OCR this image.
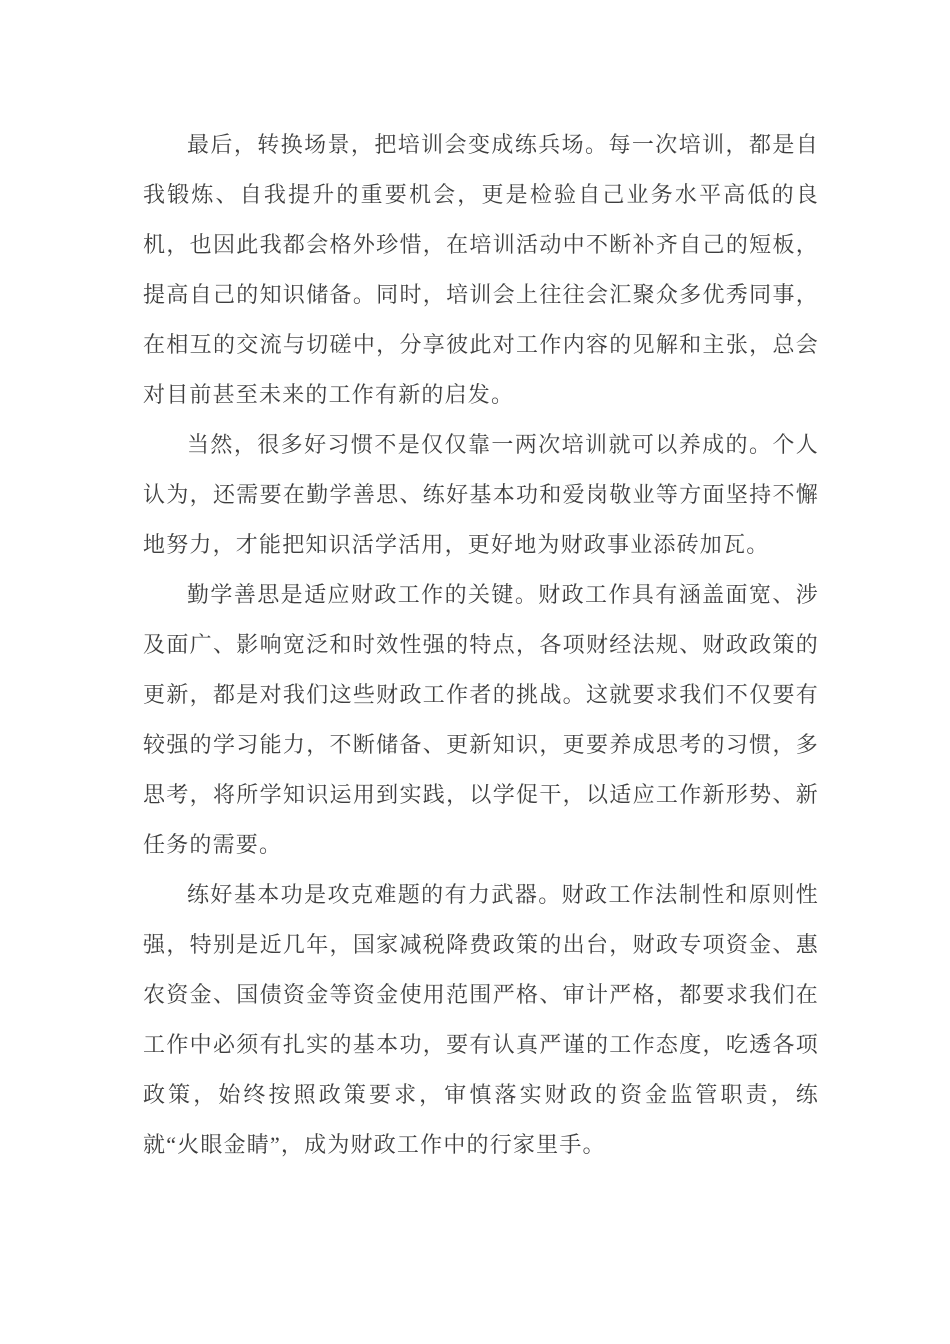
最后，转换场景，把培训会变成练兵场。每一次培训，都是自我锻炼、自我提升的重要机会，更是检验自己业务水平高低的良机，也因此我都会格外珍惜，在培训活动中不断补齐自己的短板，提高自己的知识储备。同时，培训会上往往会汇聚众多优秀同事，在相互的交流与切磋中，分享彼此对工作内容的见解和主张，总会对目前甚至未来的工作有新的启发。

当然，很多好习惯不是仅仅靠一两次培训就可以养成的。个人认为，还需要在勤学善思、练好基本功和爱岗敬业等方面坚持不懈地努力，才能把知识活学活用，更好地为财政事业添砖加瓦。

勤学善思是适应财政工作的关键。财政工作具有涵盖面宽、涉及面广、影响宽泛和时效性强的特点，各项财经法规、财政政策的更新，都是对我们这些财政工作者的挑战。这就要求我们不仅要有较强的学习能力，不断储备、更新知识，更要养成思考的习惯，多思考，将所学知识运用到实践，以学促干，以适应工作新形势、新任务的需要。

练好基本功是攻克难题的有力武器。财政工作法制性和原则性强，特别是近几年，国家减税降费政策的出台，财政专项资金、惠农资金、国债资金等资金使用范围严格、审计严格，都要求我们在工作中必须有扎实的基本功，要有认真严谨的工作态度，吃透各项政策，始终按照政策要求，审慎落实财政的资金监管职责，练就“火眼金睛”，成为财政工作中的行家里手。
